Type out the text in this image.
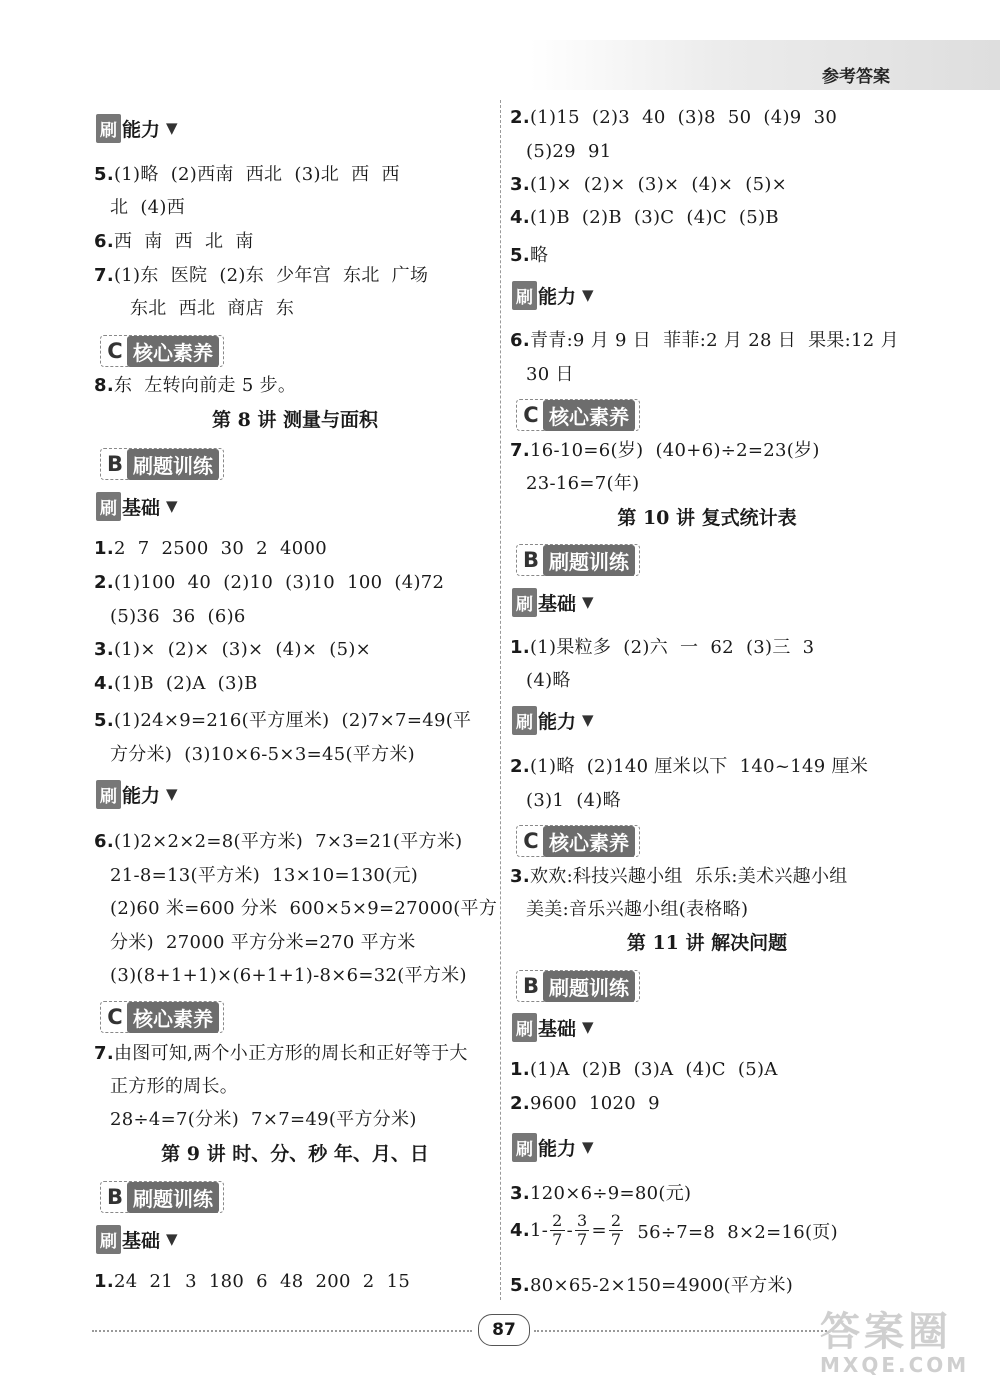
参考答案
刷 能力 ▼
5.(1)略  (2)西南  西北  (3)北  西  西
北  (4)西
6.西  南  西  北  南
7.(1)东  医院  (2)东  少年宫  东北  广场
东北  西北  商店  东
C 核心素养
8.东  左转向前走 5 步。
第 8 讲 测量与面积
B 刷题训练
刷 基础 ▼
1.2  7  2500  30  2  4000
2.(1)100  40  (2)10  (3)10  100  (4)72
(5)36  36  (6)6
3.(1)×  (2)×  (3)×  (4)×  (5)×
4.(1)B  (2)A  (3)B
5.(1)24×9=216(平方厘米)  (2)7×7=49(平
方分米)  (3)10×6-5×3=45(平方米)
刷 能力 ▼
6.(1)2×2×2=8(平方米)  7×3=21(平方米)
21-8=13(平方米)  13×10=130(元)
(2)60 米=600 分米  600×5×9=27000(平方
分米)  27000 平方分米=270 平方米
(3)(8+1+1)×(6+1+1)-8×6=32(平方米)
C 核心素养
7.由图可知,两个小正方形的周长和正好等于大
正方形的周长。
28÷4=7(分米)  7×7=49(平方分米)
第 9 讲 时、分、秒 年、月、日
B 刷题训练
刷 基础 ▼
1.24  21  3  180  6  48  200  2  15
2.(1)15  (2)3  40  (3)8  50  (4)9  30
(5)29  91
3.(1)×  (2)×  (3)×  (4)×  (5)×
4.(1)B  (2)B  (3)C  (4)C  (5)B
5.略
刷 能力 ▼
6.青青:9 月 9 日  菲菲:2 月 28 日  果果:12 月
30 日
C 核心素养
7.16-10=6(岁)  (40+6)÷2=23(岁)
23-16=7(年)
第 10 讲 复式统计表
B 刷题训练
刷 基础 ▼
1.(1)果粒多  (2)六  一  62  (3)三  3
(4)略
刷 能力 ▼
2.(1)略  (2)140 厘米以下  140~149 厘米
(3)1  (4)略
C 核心素养
3.欢欢:科技兴趣小组  乐乐:美术兴趣小组
美美:音乐兴趣小组(表格略)
第 11 讲 解决问题
B 刷题训练
刷 基础 ▼
1.(1)A  (2)B  (3)A  (4)C  (5)A
2.9600  1020  9
刷 能力 ▼
3.120×6÷9=80(元)
4. $1- \frac{2}{7} - \frac{3}{7} = \frac{2}{7} 56\div 7=8$  8×2=16(页)
5.80×65-2×150=4900(平方米)
87	答案圈
MXQE.COM
